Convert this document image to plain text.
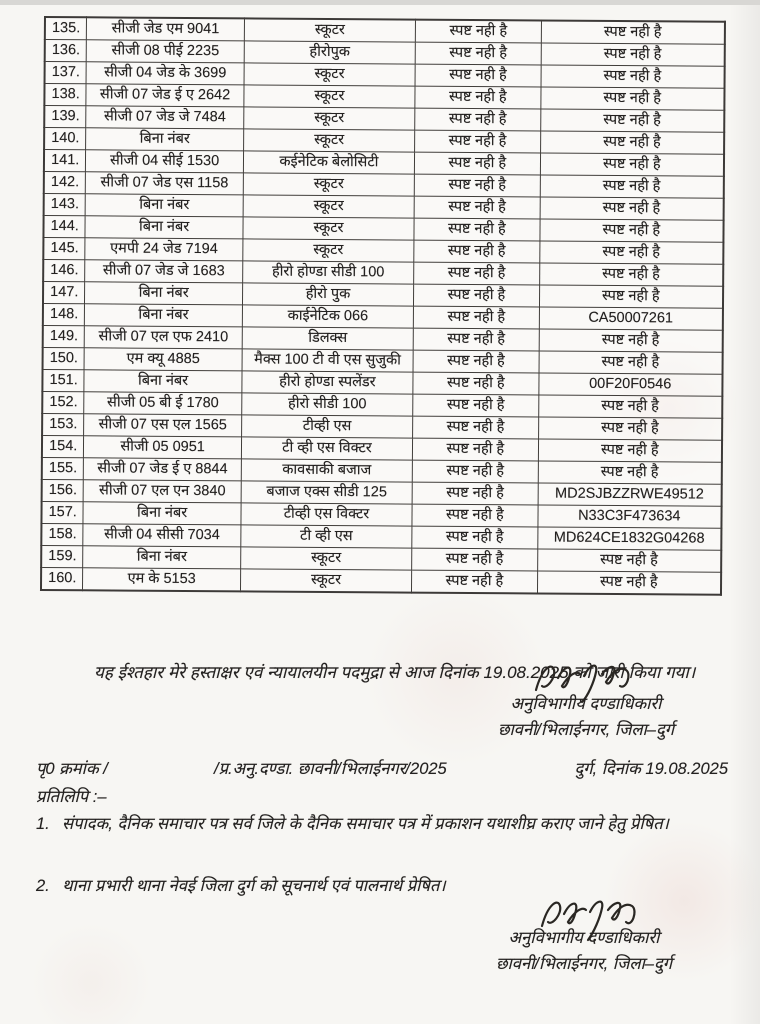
135.	सीजी जेड एम 9041	स्कूटर	स्पष्ट नही है	स्पष्ट नही है
136.	सीजी 08 पीई 2235	हीरोपुक	स्पष्ट नही है	स्पष्ट नही है
137.	सीजी 04 जेड के 3699	स्कूटर	स्पष्ट नही है	स्पष्ट नही है
138.	सीजी 07 जेड ई ए 2642	स्कूटर	स्पष्ट नही है	स्पष्ट नही है
139.	सीजी 07 जेड जे 7484	स्कूटर	स्पष्ट नही है	स्पष्ट नही है
140.	बिना नंबर	स्कूटर	स्पष्ट नही है	स्पष्ट नही है
141.	सीजी 04 सीई 1530	कईनेटिक बेलोसिटी	स्पष्ट नही है	स्पष्ट नही है
142.	सीजी 07 जेड एस 1158	स्कूटर	स्पष्ट नही है	स्पष्ट नही है
143.	बिना नंबर	स्कूटर	स्पष्ट नही है	स्पष्ट नही है
144.	बिना नंबर	स्कूटर	स्पष्ट नही है	स्पष्ट नही है
145.	एमपी 24 जेड 7194	स्कूटर	स्पष्ट नही है	स्पष्ट नही है
146.	सीजी 07 जेड जे 1683	हीरो होण्डा सीडी 100	स्पष्ट नही है	स्पष्ट नही है
147.	बिना नंबर	हीरो पुक	स्पष्ट नही है	स्पष्ट नही है
148.	बिना नंबर	काईनेटिक 066	स्पष्ट नही है	CA50007261
149.	सीजी 07 एल एफ 2410	डिलक्स	स्पष्ट नही है	स्पष्ट नही है
150.	एम क्यू 4885	मैक्स 100 टी वी एस सुजुकी	स्पष्ट नही है	स्पष्ट नही है
151.	बिना नंबर	हीरो होण्डा स्पलेंडर	स्पष्ट नही है	00F20F0546
152.	सीजी 05 बी ई 1780	हीरो सीडी 100	स्पष्ट नही है	स्पष्ट नही है
153.	सीजी 07 एस एल 1565	टीव्ही एस	स्पष्ट नही है	स्पष्ट नही है
154.	सीजी 05 0951	टी व्ही एस विक्टर	स्पष्ट नही है	स्पष्ट नही है
155.	सीजी 07 जेड ई ए 8844	कावसाकी बजाज	स्पष्ट नही है	स्पष्ट नही है
156.	सीजी 07 एल एन 3840	बजाज एक्स सीडी 125	स्पष्ट नही है	MD2SJBZZRWE49512
157.	बिना नंबर	टीव्ही एस विक्टर	स्पष्ट नही है	N33C3F473634
158.	सीजी 04 सीसी 7034	टी व्ही एस	स्पष्ट नही है	MD624CE1832G04268
159.	बिना नंबर	स्कूटर	स्पष्ट नही है	स्पष्ट नही है
160.	एम के 5153	स्कूटर	स्पष्ट नही है	स्पष्ट नही है

यह ईश्तहार मेरे हस्ताक्षर एवं न्यायालयीन पदमुद्रा से आज दिनांक 19.08.2025 को जारी किया गया।

अनुविभागीय दण्डाधिकारी
छावनी/भिलाईनगर, जिला–दुर्ग
पृ0 क्रमांक /	/प्र.अनु.दण्डा. छावनी/भिलाईनगर/2025	दुर्ग, दिनांक 19.08.2025
प्रतिलिपि :–
1. संपादक, दैनिक समाचार पत्र सर्व जिले के दैनिक समाचार पत्र में प्रकाशन यथाशीघ्र कराए जाने हेतु प्रेषित।
2. थाना प्रभारी थाना नेवई जिला दुर्ग को सूचनार्थ एवं पालनार्थ प्रेषित।
अनुविभागीय दण्डाधिकारी
छावनी/भिलाईनगर, जिला–दुर्ग
